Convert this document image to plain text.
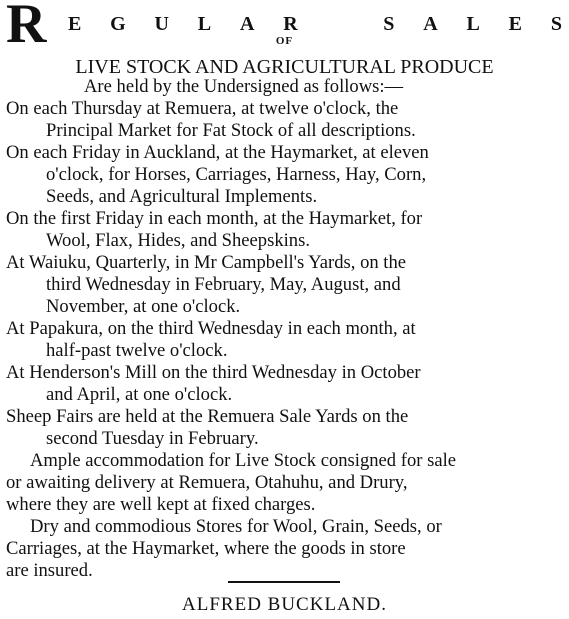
R E G U L A R	S A L E S
OF
LIVE STOCK AND AGRICULTURAL PRODUCE
Are held by the Undersigned as follows:—
On each Thursday at Remuera, at twelve o'clock, the
Principal Market for Fat Stock of all descriptions.
On each Friday in Auckland, at the Haymarket, at eleven
o'clock, for Horses, Carriages, Harness, Hay, Corn,
Seeds, and Agricultural Implements.
On the first Friday in each month, at the Haymarket, for
Wool, Flax, Hides, and Sheepskins.
At Waiuku, Quarterly, in Mr Campbell's Yards, on the
third Wednesday in February, May, August, and
November, at one o'clock.
At Papakura, on the third Wednesday in each month, at
half-past twelve o'clock.
At Henderson's Mill on the third Wednesday in October
and April, at one o'clock.
Sheep Fairs are held at the Remuera Sale Yards on the
second Tuesday in February.
Ample accommodation for Live Stock consigned for sale
or awaiting delivery at Remuera, Otahuhu, and Drury,
where they are well kept at fixed charges.
Dry and commodious Stores for Wool, Grain, Seeds, or
Carriages, at the Haymarket, where the goods in store
are insured.
ALFRED BUCKLAND.
